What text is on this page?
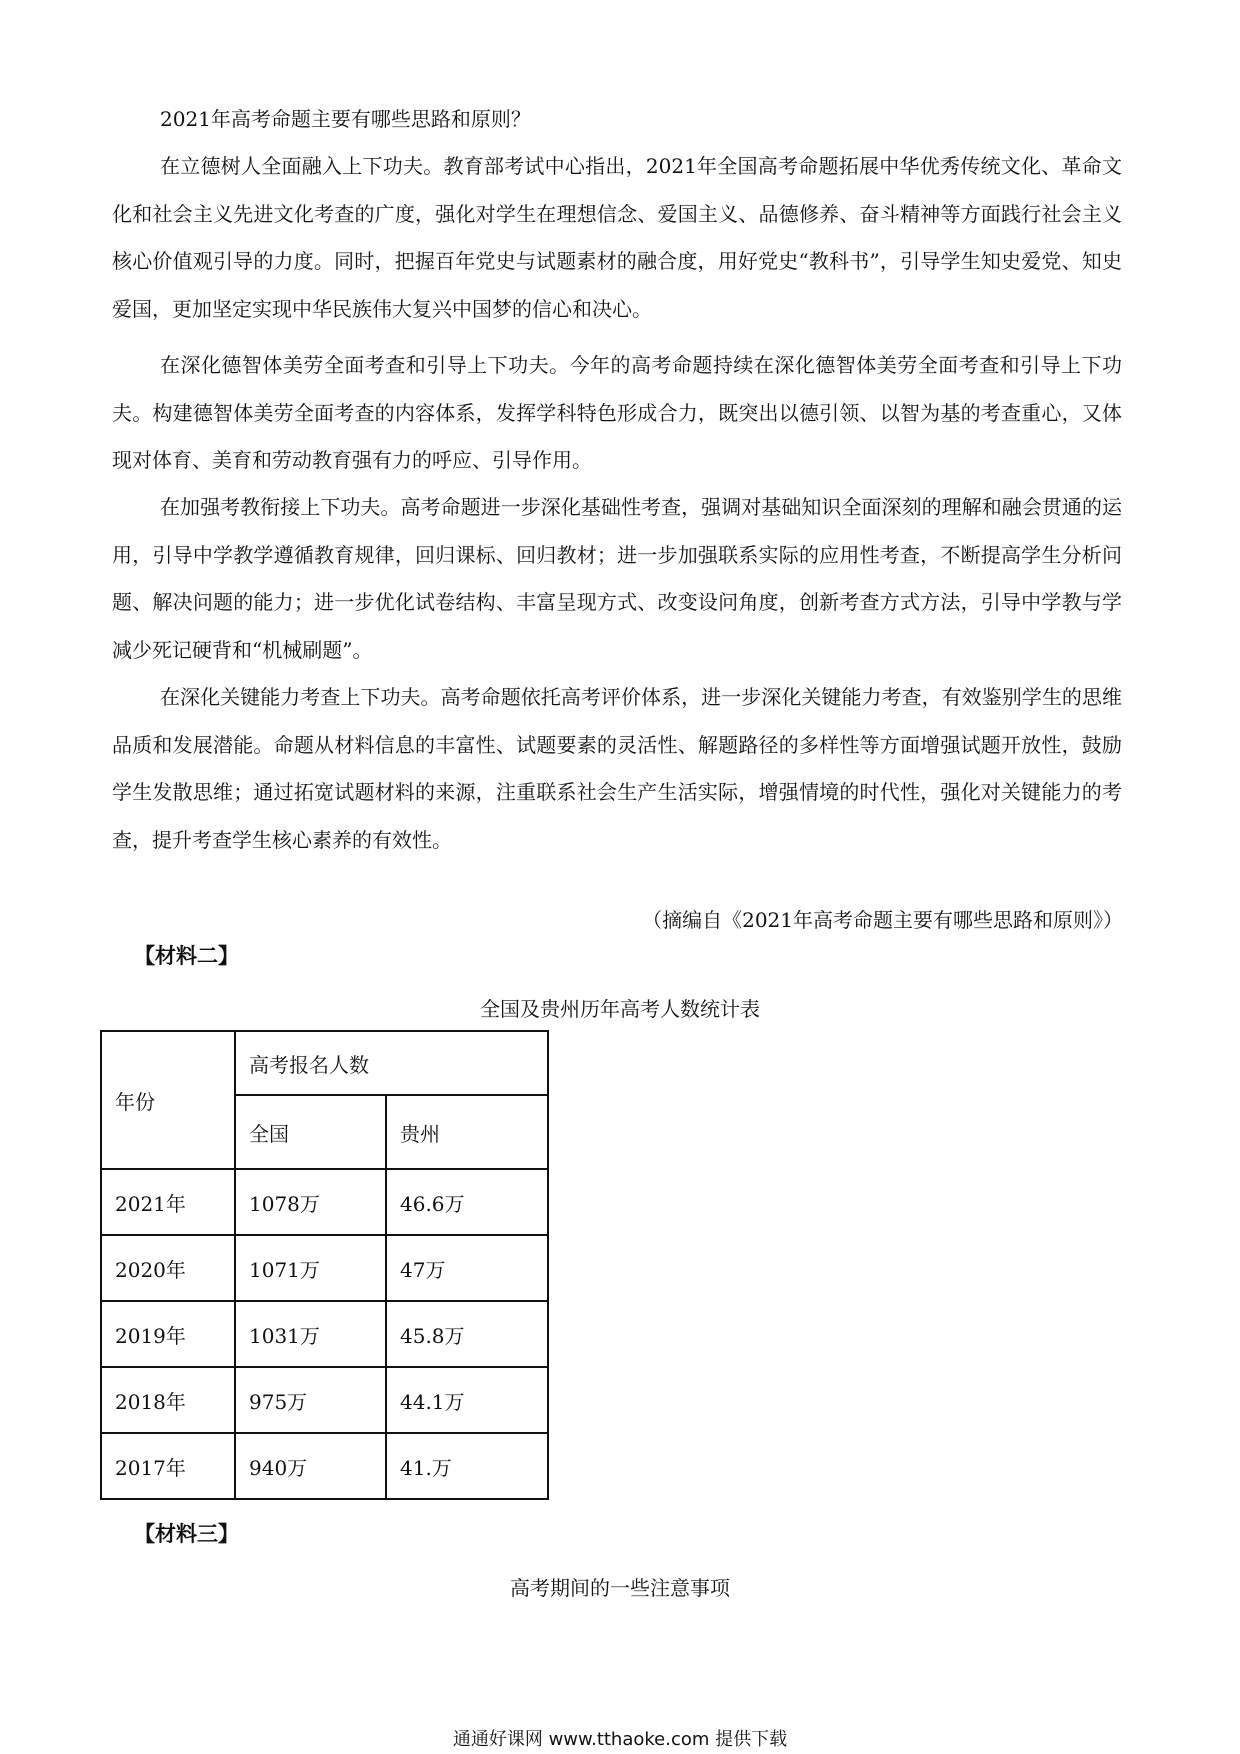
2021年高考命题主要有哪些思路和原则？

在立德树人全面融入上下功夫。教育部考试中心指出，2021年全国高考命题拓展中华优秀传统文化、革命文化和社会主义先进文化考查的广度，强化对学生在理想信念、爱国主义、品德修养、奋斗精神等方面践行社会主义核心价值观引导的力度。同时，把握百年党史与试题素材的融合度，用好党史“教科书”，引导学生知史爱党、知史爱国，更加坚定实现中华民族伟大复兴中国梦的信心和决心。

在深化德智体美劳全面考查和引导上下功夫。今年的高考命题持续在深化德智体美劳全面考查和引导上下功夫。构建德智体美劳全面考查的内容体系，发挥学科特色形成合力，既突出以德引领、以智为基的考查重心，又体现对体育、美育和劳动教育强有力的呼应、引导作用。

在加强考教衔接上下功夫。高考命题进一步深化基础性考查，强调对基础知识全面深刻的理解和融会贯通的运用，引导中学教学遵循教育规律，回归课标、回归教材；进一步加强联系实际的应用性考查，不断提高学生分析问题、解决问题的能力；进一步优化试卷结构、丰富呈现方式、改变设问角度，创新考查方式方法，引导中学教与学减少死记硬背和“机械刷题”。

在深化关键能力考查上下功夫。高考命题依托高考评价体系，进一步深化关键能力考查，有效鉴别学生的思维品质和发展潜能。命题从材料信息的丰富性、试题要素的灵活性、解题路径的多样性等方面增强试题开放性，鼓励学生发散思维；通过拓宽试题材料的来源，注重联系社会生产生活实际，增强情境的时代性，强化对关键能力的考查，提升考查学生核心素养的有效性。

（摘编自《2021年高考命题主要有哪些思路和原则》）

【材料二】

全国及贵州历年高考人数统计表

年份	高考报名人数	
	全国	贵州
2021年	1078万	46.6万
2020年	1071万	47万
2019年	1031万	45.8万
2018年	975万	44.1万
2017年	940万	41.万

【材料三】

高考期间的一些注意事项

通通好课网 www.tthaoke.com 提供下载
